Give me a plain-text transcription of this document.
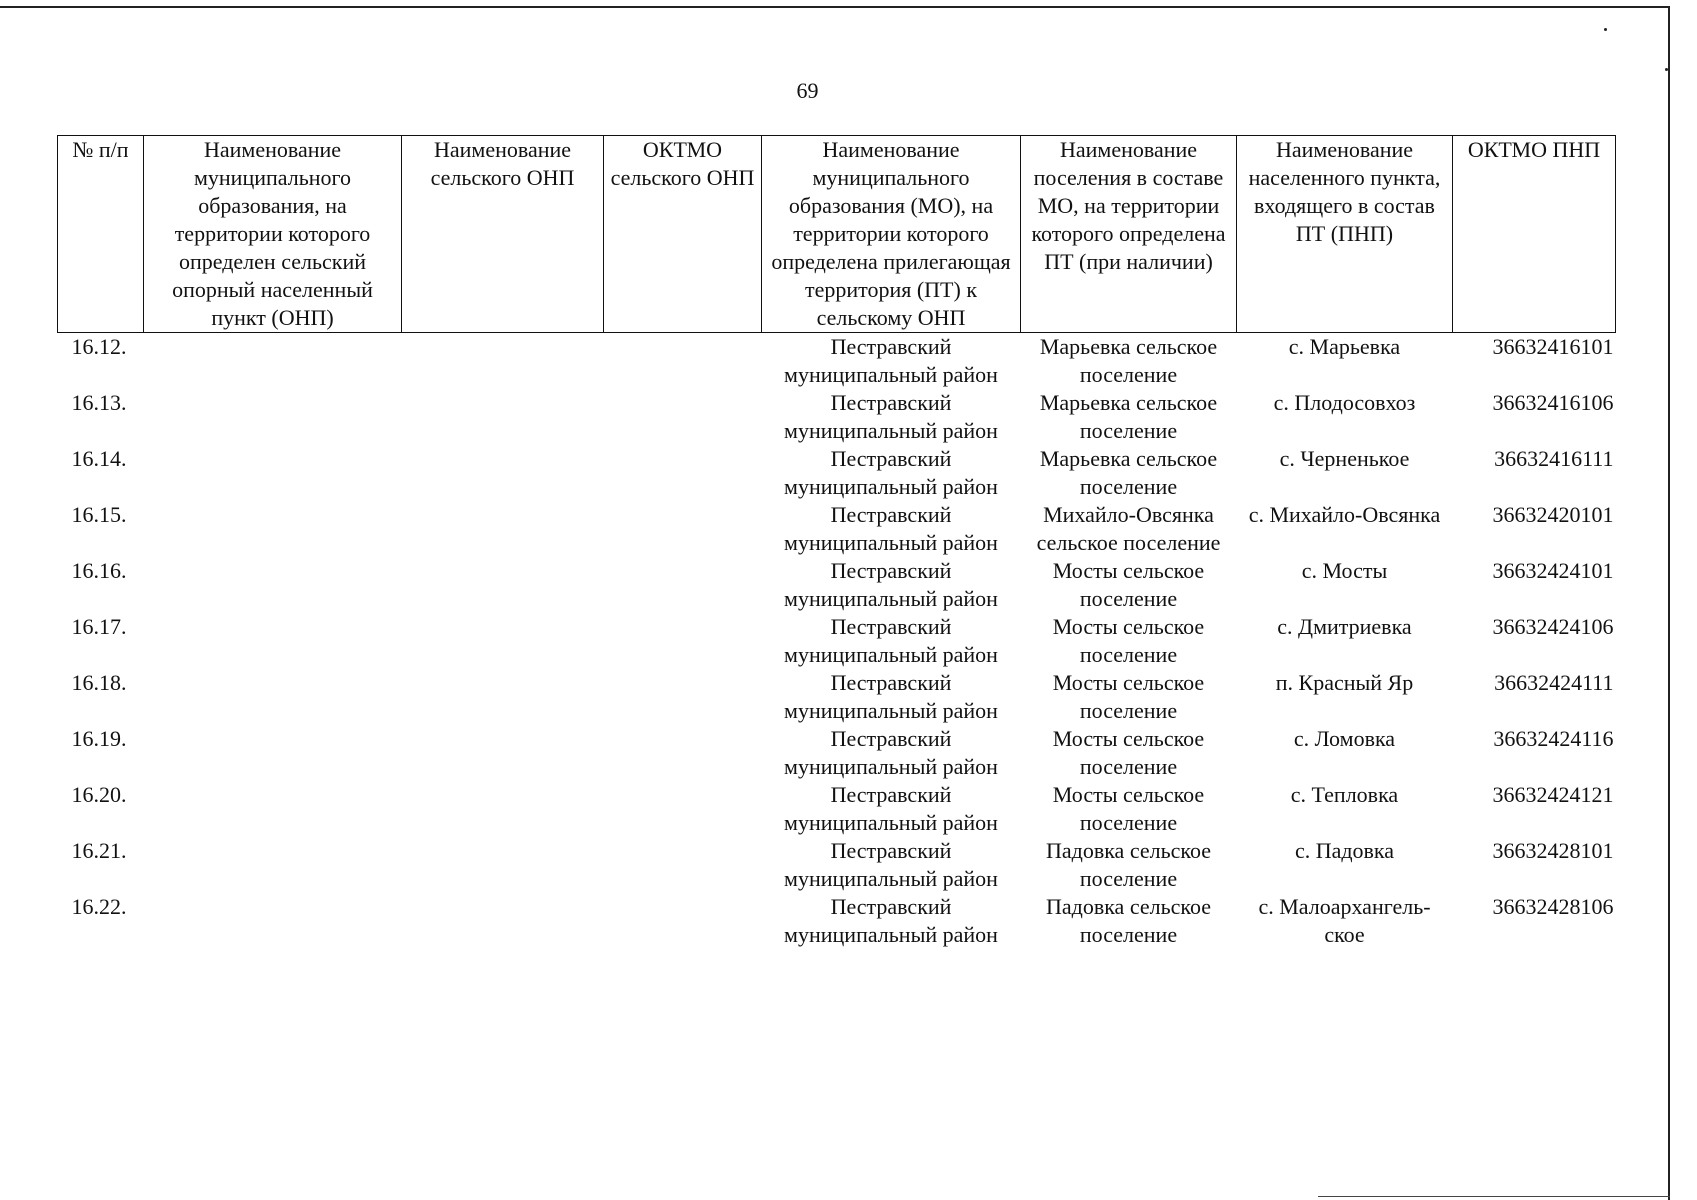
69
№ п/п	Наименование муниципального образования, на территории которого определен сельский опорный населенный пункт (ОНП)	Наименование сельского ОНП	ОКТМО сельского ОНП	Наименование муниципального образования (МО), на территории которого определена прилегающая территория (ПТ) к сельскому ОНП	Наименование поселения в составе МО, на территории которого определена ПТ (при наличии)	Наименование населенного пункта, входящего в состав ПТ (ПНП)	ОКТМО ПНП
16.12.				Пестравский муниципальный район	Марьевка сельское поселение	с. Марьевка	36632416101
16.13.				Пестравский муниципальный район	Марьевка сельское поселение	с. Плодосовхоз	36632416106
16.14.				Пестравский муниципальный район	Марьевка сельское поселение	с. Черненькое	36632416111
16.15.				Пестравский муниципальный район	Михайло-Овсянка сельское поселение	с. Михайло-Овсянка	36632420101
16.16.				Пестравский муниципальный район	Мосты сельское поселение	с. Мосты	36632424101
16.17.				Пестравский муниципальный район	Мосты сельское поселение	с. Дмитриевка	36632424106
16.18.				Пестравский муниципальный район	Мосты сельское поселение	п. Красный Яр	36632424111
16.19.				Пестравский муниципальный район	Мосты сельское поселение	с. Ломовка	36632424116
16.20.				Пестравский муниципальный район	Мосты сельское поселение	с. Тепловка	36632424121
16.21.				Пестравский муниципальный район	Падовка сельское поселение	с. Падовка	36632428101
16.22.				Пестравский муниципальный район	Падовка сельское поселение	с. Малоархангель-ское	36632428106
